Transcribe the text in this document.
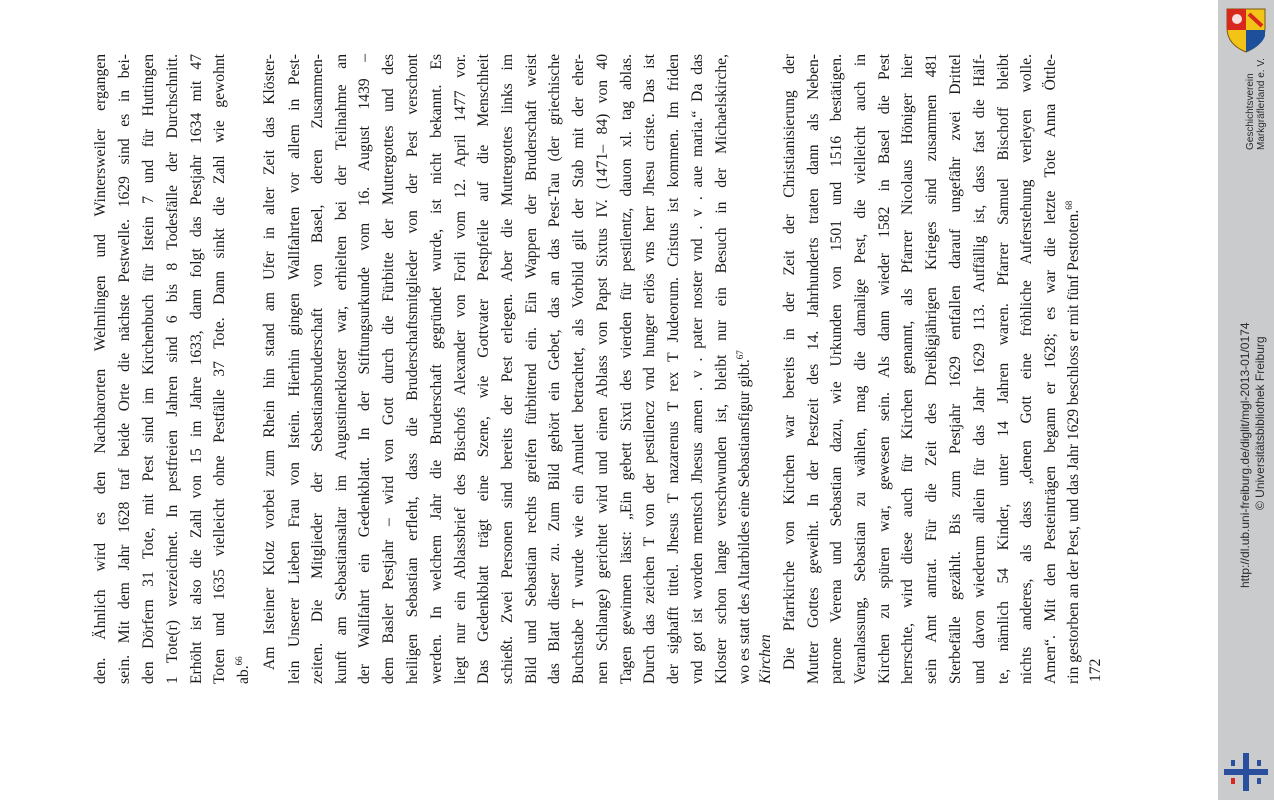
den. Ähnlich wird es den Nachbarorten Welmlingen und Wintersweiler ergangen sein. Mit dem Jahr 1628 traf beide Orte die nächste Pestwelle. 1629 sind es in bei- den Dörfern 31 Tote, mit Pest sind im Kirchenbuch für Istein 7 und für Huttingen 1 Tote(r) verzeichnet. In pestfreien Jahren sind 6 bis 8 Todesfälle der Durchschnitt. Erhöht ist also die Zahl von 15 im Jahre 1633, dann folgt das Pestjahr 1634 mit 47 Toten und 1635 vielleicht ohne Pestfälle 37 Tote. Dann sinkt die Zahl wie gewohnt ab.$^{66}$	Am Isteiner Klotz vorbei zum Rhein hin stand am Ufer in alter Zeit das Klöster- lein Unserer Lieben Frau von Istein. Hierhin gingen Wallfahrten vor allem in Pest- zeiten. Die Mitglieder der Sebastiansbruderschaft von Basel, deren Zusammen- kunft am Sebastiansaltar im Augustinerkloster war, erhielten bei der Teilnahme an der Wallfahrt ein Gedenkblatt. In der Stiftungsurkunde vom 16. August 1439 – dem Basler Pestjahr – wird von Gott durch die Fürbitte der Muttergottes und des heiligen Sebastian erfleht, dass die Bruderschaftsmitglieder von der Pest verschont werden. In welchem Jahr die Bruderschaft gegründet wurde, ist nicht bekannt. Es liegt nur ein Ablassbrief des Bischofs Alexander von Forli vom 12. April 1477 vor. Das Gedenkblatt trägt eine Szene, wie Gottvater Pestpfeile auf die Menschheit schießt. Zwei Personen sind bereits der Pest erlegen. Aber die Muttergottes links im Bild und Sebastian rechts greifen fürbittend ein. Ein Wappen der Bruderschaft weist das Blatt dieser zu. Zum Bild gehört ein Gebet, das an das Pest-Tau (der griechische Buchstabe T wurde wie ein Amulett betrachtet, als Vorbild gilt der Stab mit der eher- nen Schlange) gerichtet wird und einen Ablass von Papst Sixtus IV. (1471– 84) von 40 Tagen gewinnen lässt: „Ein gebett Sixti des vierden für pestilentz, dauon xl. tag ablas. Durch das zeichen T von der pestilencz vnd hunger erlös vns herr Jhesu criste. Das ist der sighafft tittel. Jhesus T nazarenus T rex T Judeorum. Cristus ist kommen. Im friden vnd got ist worden mentsch Jhesus amen . v . pater noster vnd . v . aue maria.“ Da das Kloster schon lange verschwunden ist, bleibt nur ein Besuch in der Michaelskirche, wo es statt des Altarbildes eine Sebastiansfigur gibt.$^{67}$
Kirchen Die Pfarrkirche von Kirchen war bereits in der Zeit der Christianisierung der Mutter Gottes geweiht. In der Pestzeit des 14. Jahrhunderts traten dann als Neben- patrone Verena und Sebastian dazu, wie Urkunden von 1501 und 1516 bestätigen. Veranlassung, Sebastian zu wählen, mag die damalige Pest, die vielleicht auch in Kirchen zu spüren war, gewesen sein. Als dann wieder 1582 in Basel die Pest herrschte, wird diese auch für Kirchen genannt, als Pfarrer Nicolaus Höniger hier sein Amt antrat. Für die Zeit des Dreißigjährigen Krieges sind zusammen 481 Sterbefälle gezählt. Bis zum Pestjahr 1629 entfallen darauf ungefähr zwei Drittel und davon wiederum allein für das Jahr 1629 113. Auffällig ist, dass fast die Hälf- te, nämlich 54 Kinder, unter 14 Jahren waren. Pfarrer Samuel Bischoff bleibt nichts anderes, als dass „denen Gott eine fröhliche Auferstehung verleyen wolle. Amen“. Mit den Pesteinträgen begann er 1628; es war die letzte Tote Anna Öttle- rin gestorben an der Pest, und das Jahr 1629 beschloss er mit fünf Pesttoten.$^{68}$
172
Geschichtsverein Markgräflerland e. V.
http://dl.ub.uni-freiburg.de/diglit/mgl-2013-01/0174 © Universitätsbibliothek Freiburg
